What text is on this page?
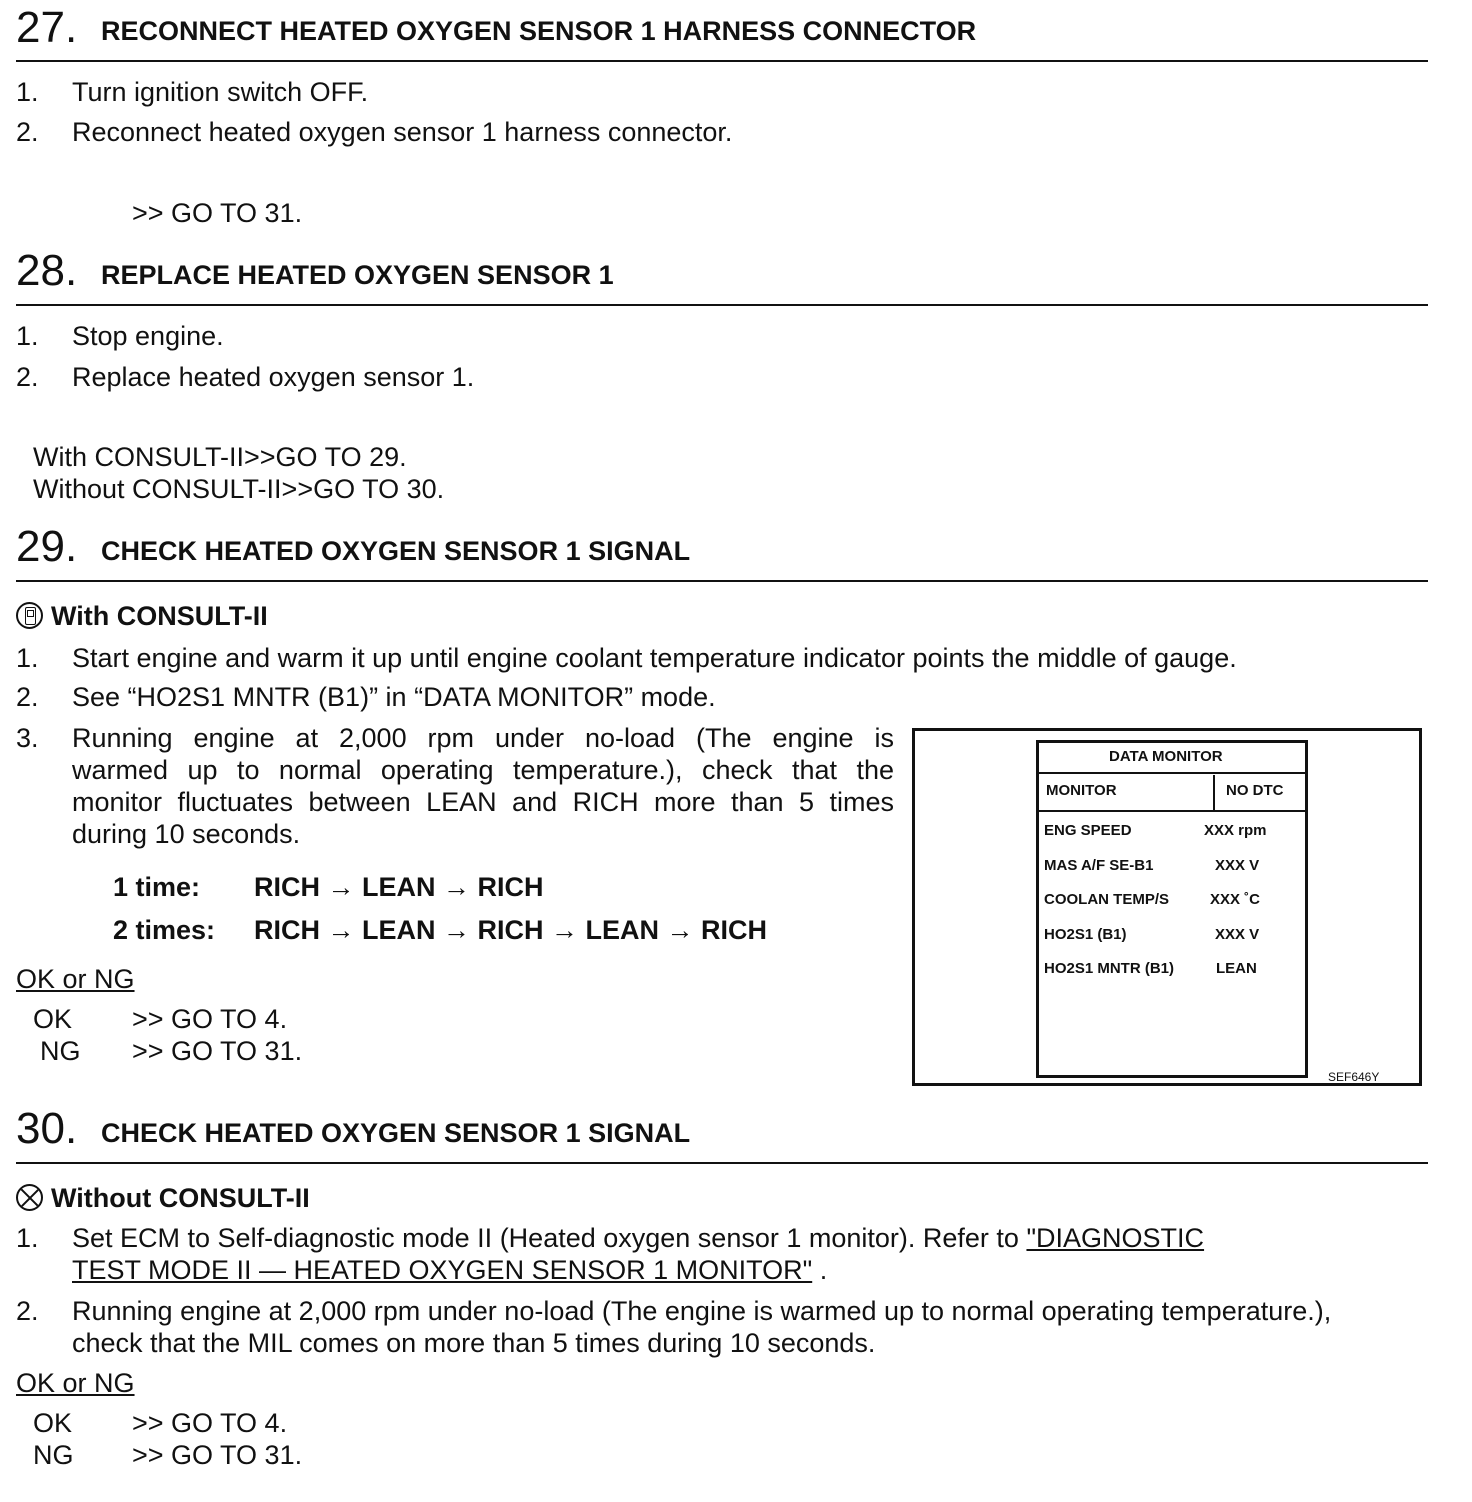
27. RECONNECT HEATED OXYGEN SENSOR 1 HARNESS CONNECTOR
1. Turn ignition switch OFF.
2. Reconnect heated oxygen sensor 1 harness connector.
>> GO TO 31.
28. REPLACE HEATED OXYGEN SENSOR 1
1. Stop engine.
2. Replace heated oxygen sensor 1.
With CONSULT-II>>GO TO 29.
Without CONSULT-II>>GO TO 30.
29. CHECK HEATED OXYGEN SENSOR 1 SIGNAL
With CONSULT-II
1. Start engine and warm it up until engine coolant temperature indicator points the middle of gauge.
2. See “HO2S1 MNTR (B1)” in “DATA MONITOR” mode.
3. Running engine at 2,000 rpm under no-load (The engine is
warmed up to normal operating temperature.), check that the
monitor fluctuates between LEAN and RICH more than 5 times
during 10 seconds.
1 time: RICH → LEAN → RICH
2 times: RICH → LEAN → RICH → LEAN → RICH
OK or NG
OK >> GO TO 4.
NG >> GO TO 31.
DATA MONITOR
MONITOR	NO DTC
ENG SPEED	XXX rpm
MAS A/F SE-B1	XXX V
COOLAN TEMP/S	XXX ˚C
HO2S1 (B1)	XXX V
HO2S1 MNTR (B1)	LEAN
SEF646Y
30. CHECK HEATED OXYGEN SENSOR 1 SIGNAL
Without CONSULT-II
1. Set ECM to Self-diagnostic mode II (Heated oxygen sensor 1 monitor). Refer to "DIAGNOSTIC
TEST MODE II — HEATED OXYGEN SENSOR 1 MONITOR" .
2. Running engine at 2,000 rpm under no-load (The engine is warmed up to normal operating temperature.),
check that the MIL comes on more than 5 times during 10 seconds.
OK or NG
OK >> GO TO 4.
NG >> GO TO 31.
